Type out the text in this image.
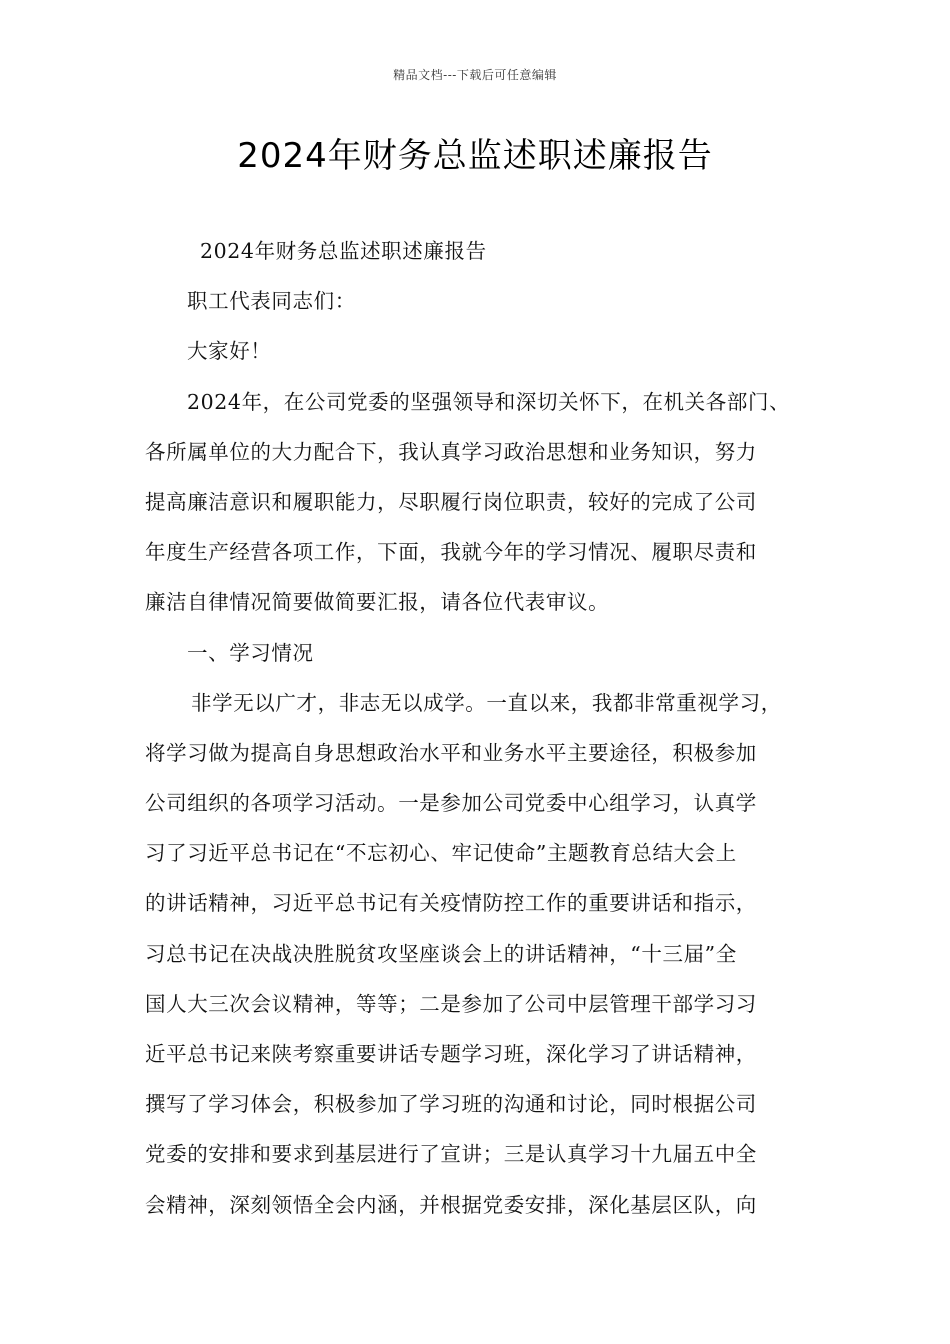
精品文档---下载后可任意编辑
2024年财务总监述职述廉报告
2024年财务总监述职述廉报告
职工代表同志们：
大家好！
2024年，在公司党委的坚强领导和深切关怀下，在机关各部门、
各所属单位的大力配合下，我认真学习政治思想和业务知识，努力
提高廉洁意识和履职能力，尽职履行岗位职责，较好的完成了公司
年度生产经营各项工作，下面，我就今年的学习情况、履职尽责和
廉洁自律情况简要做简要汇报，请各位代表审议。
一、学习情况
非学无以广才，非志无以成学。一直以来，我都非常重视学习，
将学习做为提高自身思想政治水平和业务水平主要途径，积极参加
公司组织的各项学习活动。一是参加公司党委中心组学习，认真学
习了习近平总书记在“不忘初心、牢记使命”主题教育总结大会上
的讲话精神，习近平总书记有关疫情防控工作的重要讲话和指示，
习总书记在决战决胜脱贫攻坚座谈会上的讲话精神，“十三届”全
国人大三次会议精神，等等；二是参加了公司中层管理干部学习习
近平总书记来陕考察重要讲话专题学习班，深化学习了讲话精神，
撰写了学习体会，积极参加了学习班的沟通和讨论，同时根据公司
党委的安排和要求到基层进行了宣讲；三是认真学习十九届五中全
会精神，深刻领悟全会内涵，并根据党委安排，深化基层区队，向
